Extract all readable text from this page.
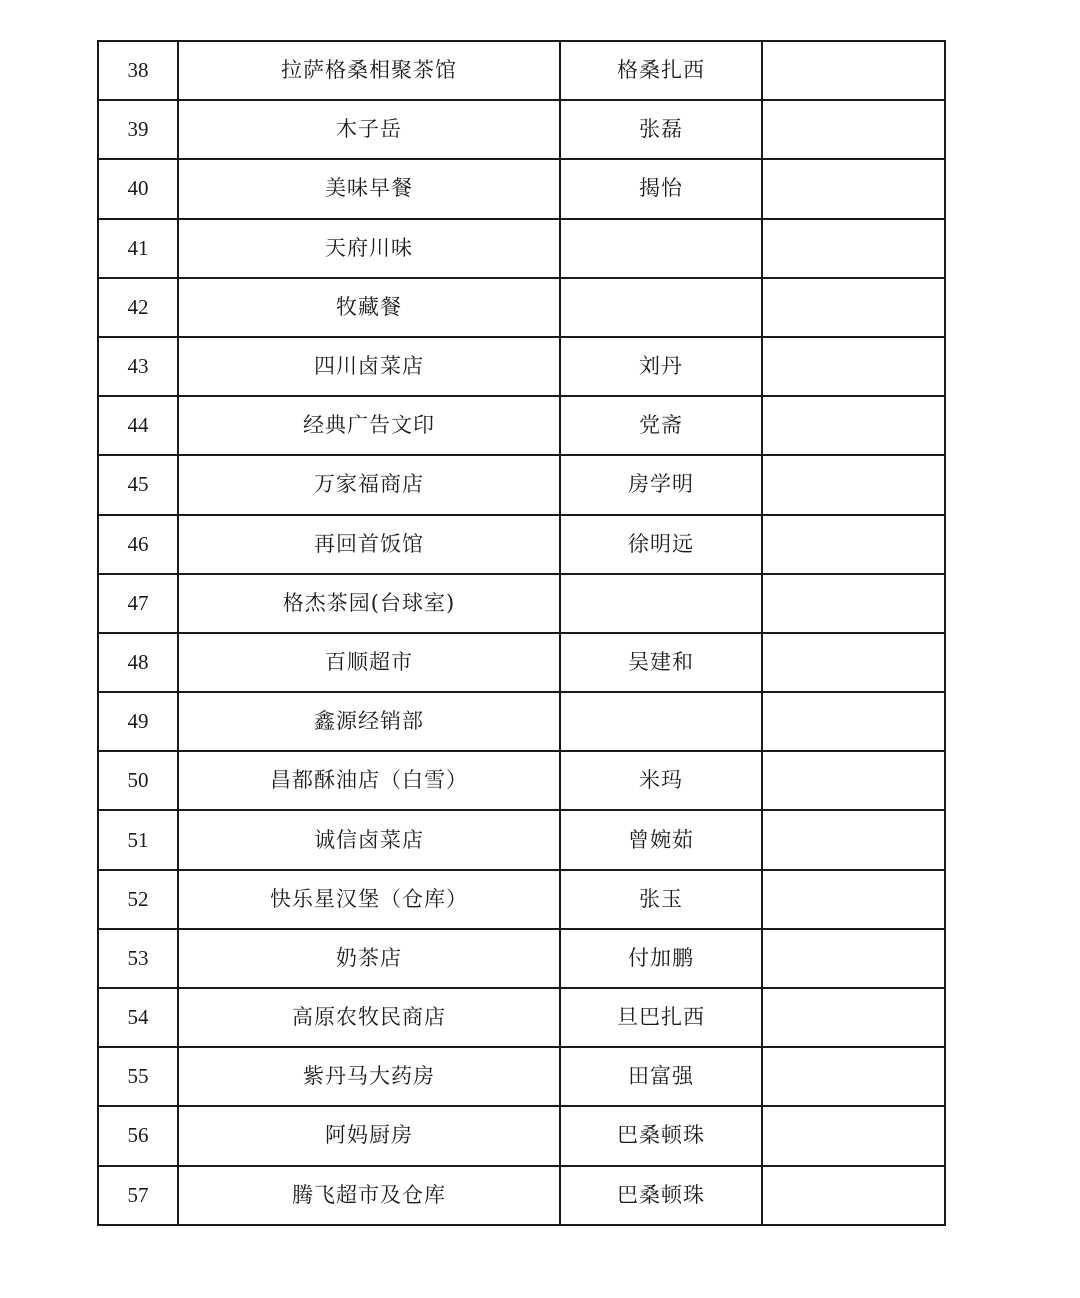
38	拉萨格桑相聚茶馆	格桑扎西	
39	木子岳	张磊	
40	美味早餐	揭怡	
41	天府川味		
42	牧藏餐		
43	四川卤菜店	刘丹	
44	经典广告文印	党斋	
45	万家福商店	房学明	
46	再回首饭馆	徐明远	
47	格杰茶园(台球室)		
48	百顺超市	吴建和	
49	鑫源经销部		
50	昌都酥油店（白雪）	米玛	
51	诚信卤菜店	曾婉茹	
52	快乐星汉堡（仓库）	张玉	
53	奶茶店	付加鹏	
54	高原农牧民商店	旦巴扎西	
55	紫丹马大药房	田富强	
56	阿妈厨房	巴桑顿珠	
57	腾飞超市及仓库	巴桑顿珠	
